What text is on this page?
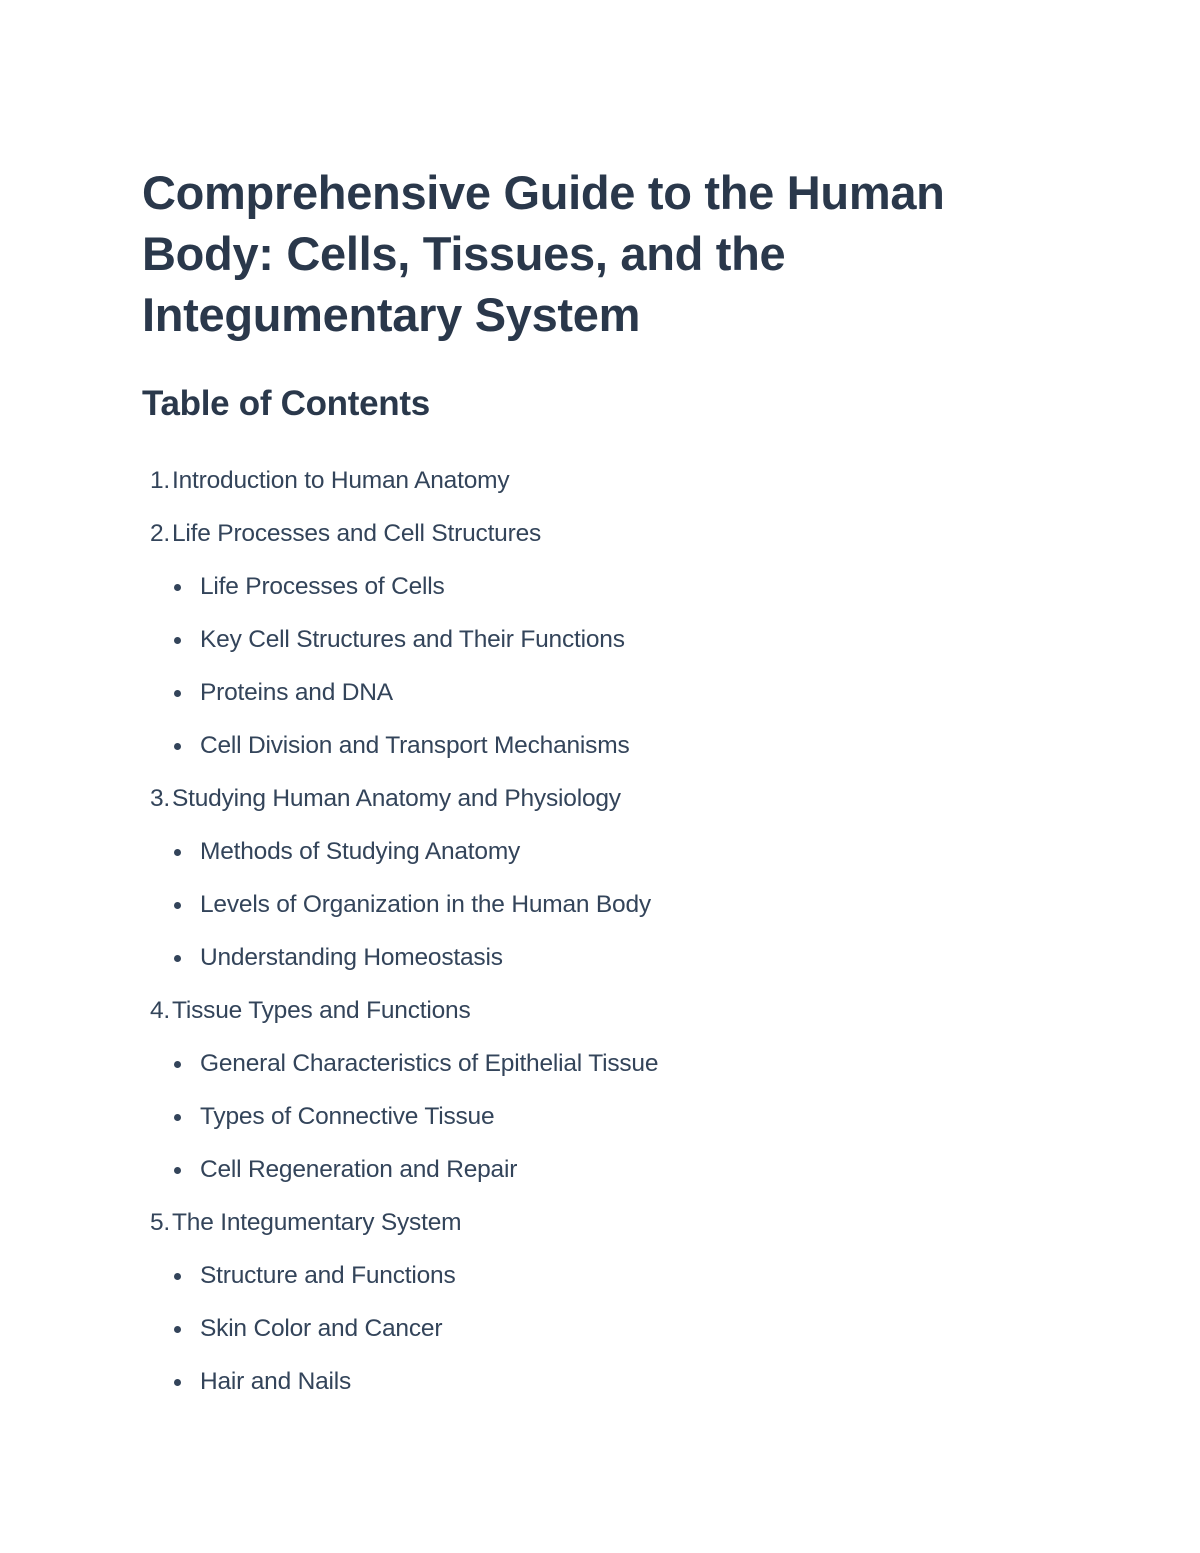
Comprehensive Guide to the Human
Body: Cells, Tissues, and the
Integumentary System
Table of Contents
1. Introduction to Human Anatomy
2. Life Processes and Cell Structures
Life Processes of Cells
Key Cell Structures and Their Functions
Proteins and DNA
Cell Division and Transport Mechanisms
3. Studying Human Anatomy and Physiology
Methods of Studying Anatomy
Levels of Organization in the Human Body
Understanding Homeostasis
4. Tissue Types and Functions
General Characteristics of Epithelial Tissue
Types of Connective Tissue
Cell Regeneration and Repair
5. The Integumentary System
Structure and Functions
Skin Color and Cancer
Hair and Nails
